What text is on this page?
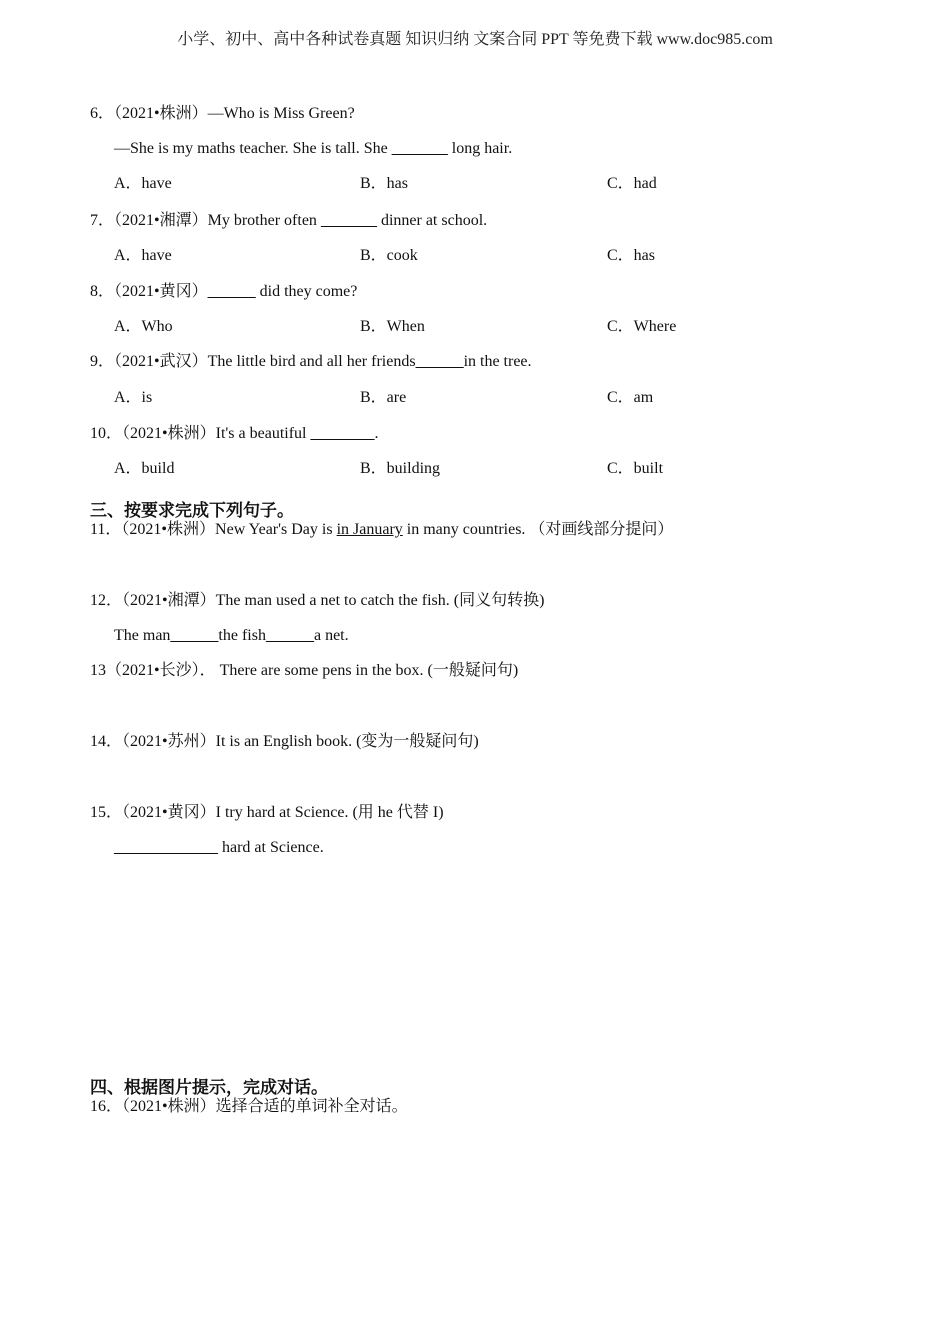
小学、初中、高中各种试卷真题 知识归纳 文案合同 PPT 等免费下载 www.doc985.com
6．（2021•株洲）—Who is Miss Green?
—She is my maths teacher. She is tall. She _______ long hair.
A．have	B．has	C．had
7．（2021•湘潭）My brother often _______ dinner at school.
A．have	B．cook	C．has
8．（2021•黄冈）______ did they come?
A．Who	B．When	C．Where
9．（2021•武汉）The little bird and all her friends______in the tree.
A．is	B．are	C．am
10．（2021•株洲）It's a beautiful ________.
A．build	B．building	C．built
三、按要求完成下列句子。
11．（2021•株洲）New Year's Day is in January in many countries. （对画线部分提问）
12．（2021•湘潭）The man used a net to catch the fish. (同义句转换)
The man______the fish______a net.
13（2021•长沙）． There are some pens in the box. (一般疑问句)
14．（2021•苏州）It is an English book. (变为一般疑问句)
15．（2021•黄冈）I try hard at Science. (用 he 代替 I)
_____________ hard at Science.
四、根据图片提示，完成对话。
16．（2021•株洲）选择合适的单词补全对话。
